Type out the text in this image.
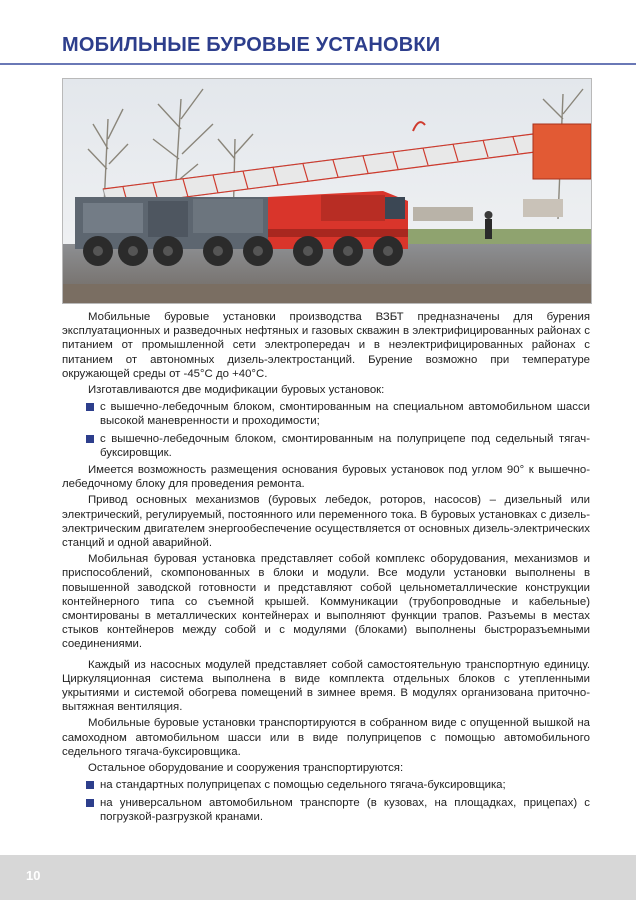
МОБИЛЬНЫЕ БУРОВЫЕ УСТАНОВКИ

Мобильные буровые установки производства ВЗБТ предназначены для бурения эксплуатационных и разведочных нефтяных и газовых скважин в электрифицированных районах с питанием от промышленной сети электропередач и в неэлектрифицированных районах с питанием от автономных дизель-электростанций. Бурение возможно при температуре окружающей среды от -45°С до +40°С.

Изготавливаются две модификации буровых установок:

с вышечно-лебедочным блоком, смонтированным на специальном автомобильном шасси высокой маневренности и проходимости;
с вышечно-лебедочным блоком, смонтированным на полуприцепе под седельный тягач-буксировщик.

Имеется возможность размещения основания буровых установок под углом 90° к вышечно-лебедочному блоку для проведения ремонта.

Привод основных механизмов (буровых лебедок, роторов, насосов) – дизельный или электрический, регулируемый, постоянного или переменного тока. В буровых установках с дизель-электрическим двигателем энергообеспечение осуществляется от основных дизель-электрических станций и одной аварийной.

Мобильная буровая установка представляет собой комплекс оборудования, механизмов и приспособлений, скомпонованных в блоки и модули. Все модули установки выполнены в повышенной заводской готовности и представляют собой цельнометаллические конструкции контейнерного типа со съемной крышей. Коммуникации (трубопроводные и кабельные) смонтированы в металлических контейнерах и выполняют функции трапов. Разъемы в местах стыков контейнеров между собой и с модулями (блоками) выполнены быстроразъемными соединениями.

Каждый из насосных модулей представляет собой самостоятельную транспортную единицу. Циркуляционная система выполнена в виде комплекта отдельных блоков с утепленными укрытиями и системой обогрева помещений в зимнее время. В модулях организована приточно-вытяжная вентиляция.

Мобильные буровые установки транспортируются в собранном виде с опущенной вышкой на самоходном автомобильном шасси или в виде полуприцепов с помощью автомобильного седельного тягача-буксировщика.

Остальное оборудование и сооружения транспортируются:

на стандартных полуприцепах с помощью седельного тягача-буксировщика;
на универсальном автомобильном транспорте (в кузовах, на площадках, прицепах) с погрузкой-разгрузкой кранами.
10
